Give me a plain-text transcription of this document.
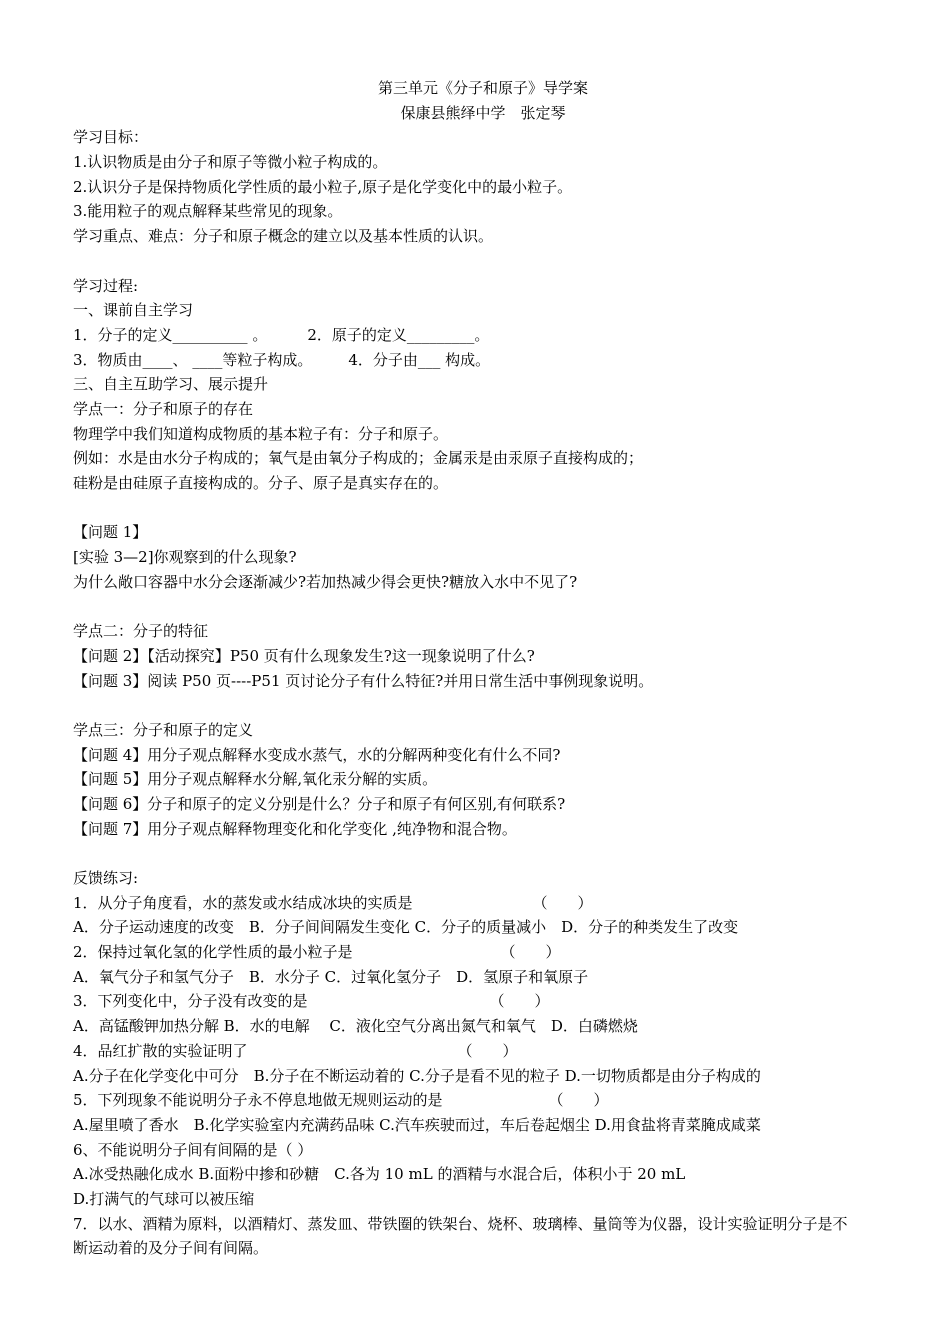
第三单元《分子和原子》导学案
保康县熊绎中学　张定琴
学习目标：
1.认识物质是由分子和原子等微小粒子构成的。
2.认识分子是保持物质化学性质的最小粒子,原子是化学变化中的最小粒子。
3.能用粒子的观点解释某些常见的现象。
学习重点、难点：分子和原子概念的建立以及基本性质的认识。
学习过程:
一、课前自主学习
1．分子的定义__________ 。	2．原子的定义_________。
3．物质由____、 ____等粒子构成。 4．分子由___ 构成。
三、自主互助学习、展示提升
学点一：分子和原子的存在
物理学中我们知道构成物质的基本粒子有：分子和原子。
例如：水是由水分子构成的；氧气是由氧分子构成的；金属汞是由汞原子直接构成的；
硅粉是由硅原子直接构成的。分子、原子是真实存在的。
【问题 1】
[实验 3—2]你观察到的什么现象?
为什么敞口容器中水分会逐渐减少?若加热减少得会更快?糖放入水中不见了?
学点二：分子的特征
【问题 2】【活动探究】P50 页有什么现象发生?这一现象说明了什么?
【问题 3】阅读 P50 页----P51 页讨论分子有什么特征?并用日常生活中事例现象说明。
学点三：分子和原子的定义
【问题 4】用分子观点解释水变成水蒸气，水的分解两种变化有什么不同?
【问题 5】用分子观点解释水分解,氧化汞分解的实质。
【问题 6】分子和原子的定义分别是什么？分子和原子有何区别,有何联系?
【问题 7】用分子观点解释物理变化和化学变化 ,纯净物和混合物。
反馈练习:
1．从分子角度看，水的蒸发或水结成冰块的实质是	（　　）
A．分子运动速度的改变　B．分子间间隔发生变化 C．分子的质量减小　D．分子的种类发生了改变
2．保持过氧化氢的化学性质的最小粒子是	（　　）
A．氧气分子和氢气分子　B．水分子 C．过氧化氢分子　D．氢原子和氧原子
3．下列变化中，分子没有改变的是	（　　）
A．高锰酸钾加热分解 B．水的电解　 C．液化空气分离出氮气和氧气　D．白磷燃烧
4．品红扩散的实验证明了	（　　）
A.分子在化学变化中可分　B.分子在不断运动着的 C.分子是看不见的粒子 D.一切物质都是由分子构成的
5．下列现象不能说明分子永不停息地做无规则运动的是	（　　）
A.屋里喷了香水　B.化学实验室内充满药品味 C.汽车疾驶而过，车后卷起烟尘 D.用食盐将青菜腌成咸菜
6、不能说明分子间有间隔的是（ ）
A.冰受热融化成水 B.面粉中掺和砂糖　C.各为 10 mL 的酒精与水混合后，体积小于 20 mL
D.打满气的气球可以被压缩
7．以水、酒精为原料，以酒精灯、蒸发皿、带铁圈的铁架台、烧杯、玻璃棒、量筒等为仪器，设计实验证明分子是不
断运动着的及分子间有间隔。
